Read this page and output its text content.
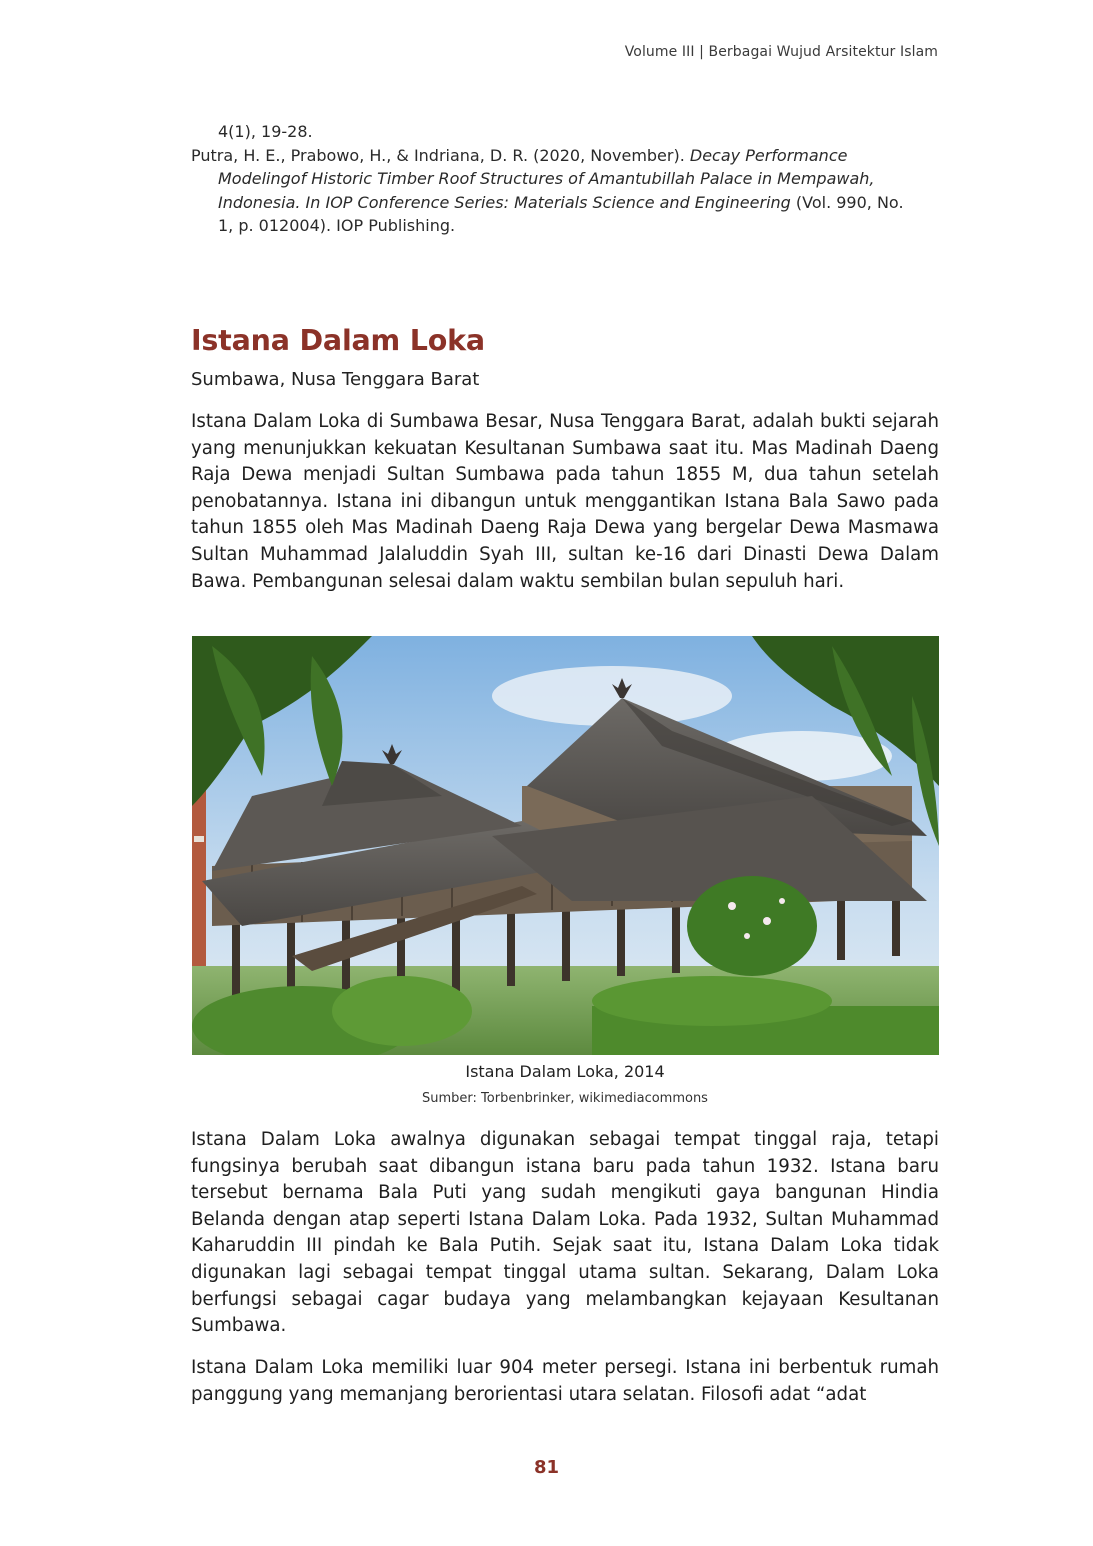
Volume III | Berbagai Wujud Arsitektur Islam

4(1), 19-28.

Putra, H. E., Prabowo, H., & Indriana, D. R. (2020, November). Decay Performance

Modelingof Historic Timber Roof Structures of Amantubillah Palace in Mempawah,

Indonesia. In IOP Conference Series: Materials Science and Engineering (Vol. 990, No.

1, p. 012004). IOP Publishing.

Istana Dalam Loka

Sumbawa, Nusa Tenggara Barat

Istana Dalam Loka di Sumbawa Besar, Nusa Tenggara Barat, adalah bukti sejarah yang menunjukkan kekuatan Kesultanan Sumbawa saat itu. Mas Madinah Daeng Raja Dewa menjadi Sultan Sumbawa pada tahun 1855 M, dua tahun setelah penobatannya. Istana ini dibangun untuk menggantikan Istana Bala Sawo pada tahun 1855 oleh Mas Madinah Daeng Raja Dewa yang bergelar Dewa Masmawa Sultan Muhammad Jalaluddin Syah III, sultan ke-16 dari Dinasti Dewa Dalam Bawa. Pembangunan selesai dalam waktu sembilan bulan sepuluh hari.

Istana Dalam Loka, 2014
Sumber: Torbenbrinker, wikimediacommons

Istana Dalam Loka awalnya digunakan sebagai tempat tinggal raja, tetapi fungsinya berubah saat dibangun istana baru pada tahun 1932. Istana baru tersebut bernama Bala Puti yang sudah mengikuti gaya bangunan Hindia Belanda dengan atap seperti Istana Dalam Loka. Pada 1932, Sultan Muhammad Kaharuddin III pindah ke Bala Putih. Sejak saat itu, Istana Dalam Loka tidak digunakan lagi sebagai tempat tinggal utama sultan. Sekarang, Dalam Loka berfungsi sebagai cagar budaya yang melambangkan kejayaan Kesultanan Sumbawa.

Istana Dalam Loka memiliki luar 904 meter persegi. Istana ini berbentuk rumah panggung yang memanjang berorientasi utara selatan. Filosofi adat “adat

81
